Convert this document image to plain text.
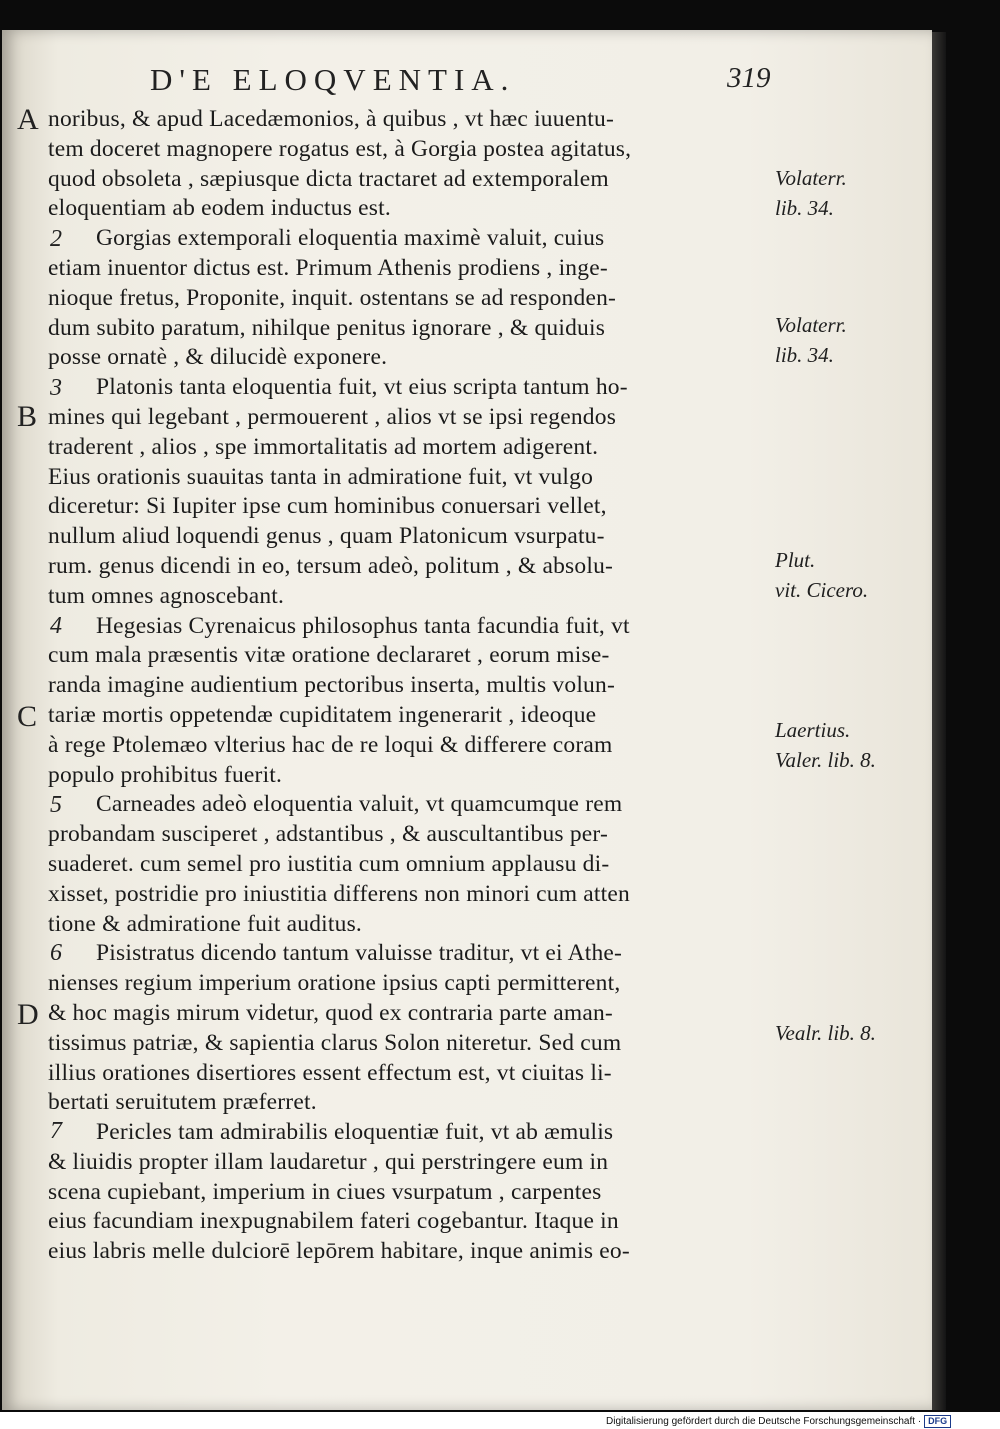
D'E ELOQVENTIA.	319
A
B
C
D
2
3
4
5
6
7
noribus, & apud Lacedæmonios, à quibus , vt hæc iuuentu-
tem doceret magnopere rogatus est, à Gorgia postea agitatus,
quod obsoleta , sæpiusque dicta tractaret ad extemporalem
eloquentiam ab eodem inductus est.
Gorgias extemporali eloquentia maximè valuit, cuius
etiam inuentor dictus est. Primum Athenis prodiens , inge-
nioque fretus, Proponite, inquit. ostentans se ad responden-
dum subito paratum, nihilque penitus ignorare , & quiduis
posse ornatè , & dilucidè exponere.
Platonis tanta eloquentia fuit, vt eius scripta tantum ho-
mines qui legebant , permouerent , alios vt se ipsi regendos
traderent , alios , spe immortalitatis ad mortem adigerent.
Eius orationis suauitas tanta in admiratione fuit, vt vulgo
diceretur: Si Iupiter ipse cum hominibus conuersari vellet,
nullum aliud loquendi genus , quam Platonicum vsurpatu-
rum. genus dicendi in eo, tersum adeò, politum , & absolu-
tum omnes agnoscebant.
Hegesias Cyrenaicus philosophus tanta facundia fuit, vt
cum mala præsentis vitæ oratione declararet , eorum mise-
randa imagine audientium pectoribus inserta, multis volun-
tariæ mortis oppetendæ cupiditatem ingenerarit , ideoque
à rege Ptolemæo vlterius hac de re loqui & differere coram
populo prohibitus fuerit.
Carneades adeò eloquentia valuit, vt quamcumque rem
probandam susciperet , adstantibus , & auscultantibus per-
suaderet. cum semel pro iustitia cum omnium applausu di-
xisset, postridie pro iniustitia differens non minori cum atten
tione & admiratione fuit auditus.
Pisistratus dicendo tantum valuisse traditur, vt ei Athe-
nienses regium imperium oratione ipsius capti permitterent,
& hoc magis mirum videtur, quod ex contraria parte aman-
tissimus patriæ, & sapientia clarus Solon niteretur. Sed cum
illius orationes disertiores essent effectum est, vt ciuitas li-
bertati seruitutem præferret.
Pericles tam admirabilis eloquentiæ fuit, vt ab æmulis
& liuidis propter illam laudaretur , qui perstringere eum in
scena cupiebant, imperium in ciues vsurpatum , carpentes
eius facundiam inexpugnabilem fateri cogebantur. Itaque in
eius labris melle dulciorē lepōrem habitare, inque animis eo-
Volaterr.
lib. 34.
Volaterr.
lib. 34.
Plut.
vit. Cicero.
Laertius.
Valer. lib. 8.
Vealr. lib. 8.
Digitalisierung gefördert durch die Deutsche Forschungsgemeinschaft · DFG
